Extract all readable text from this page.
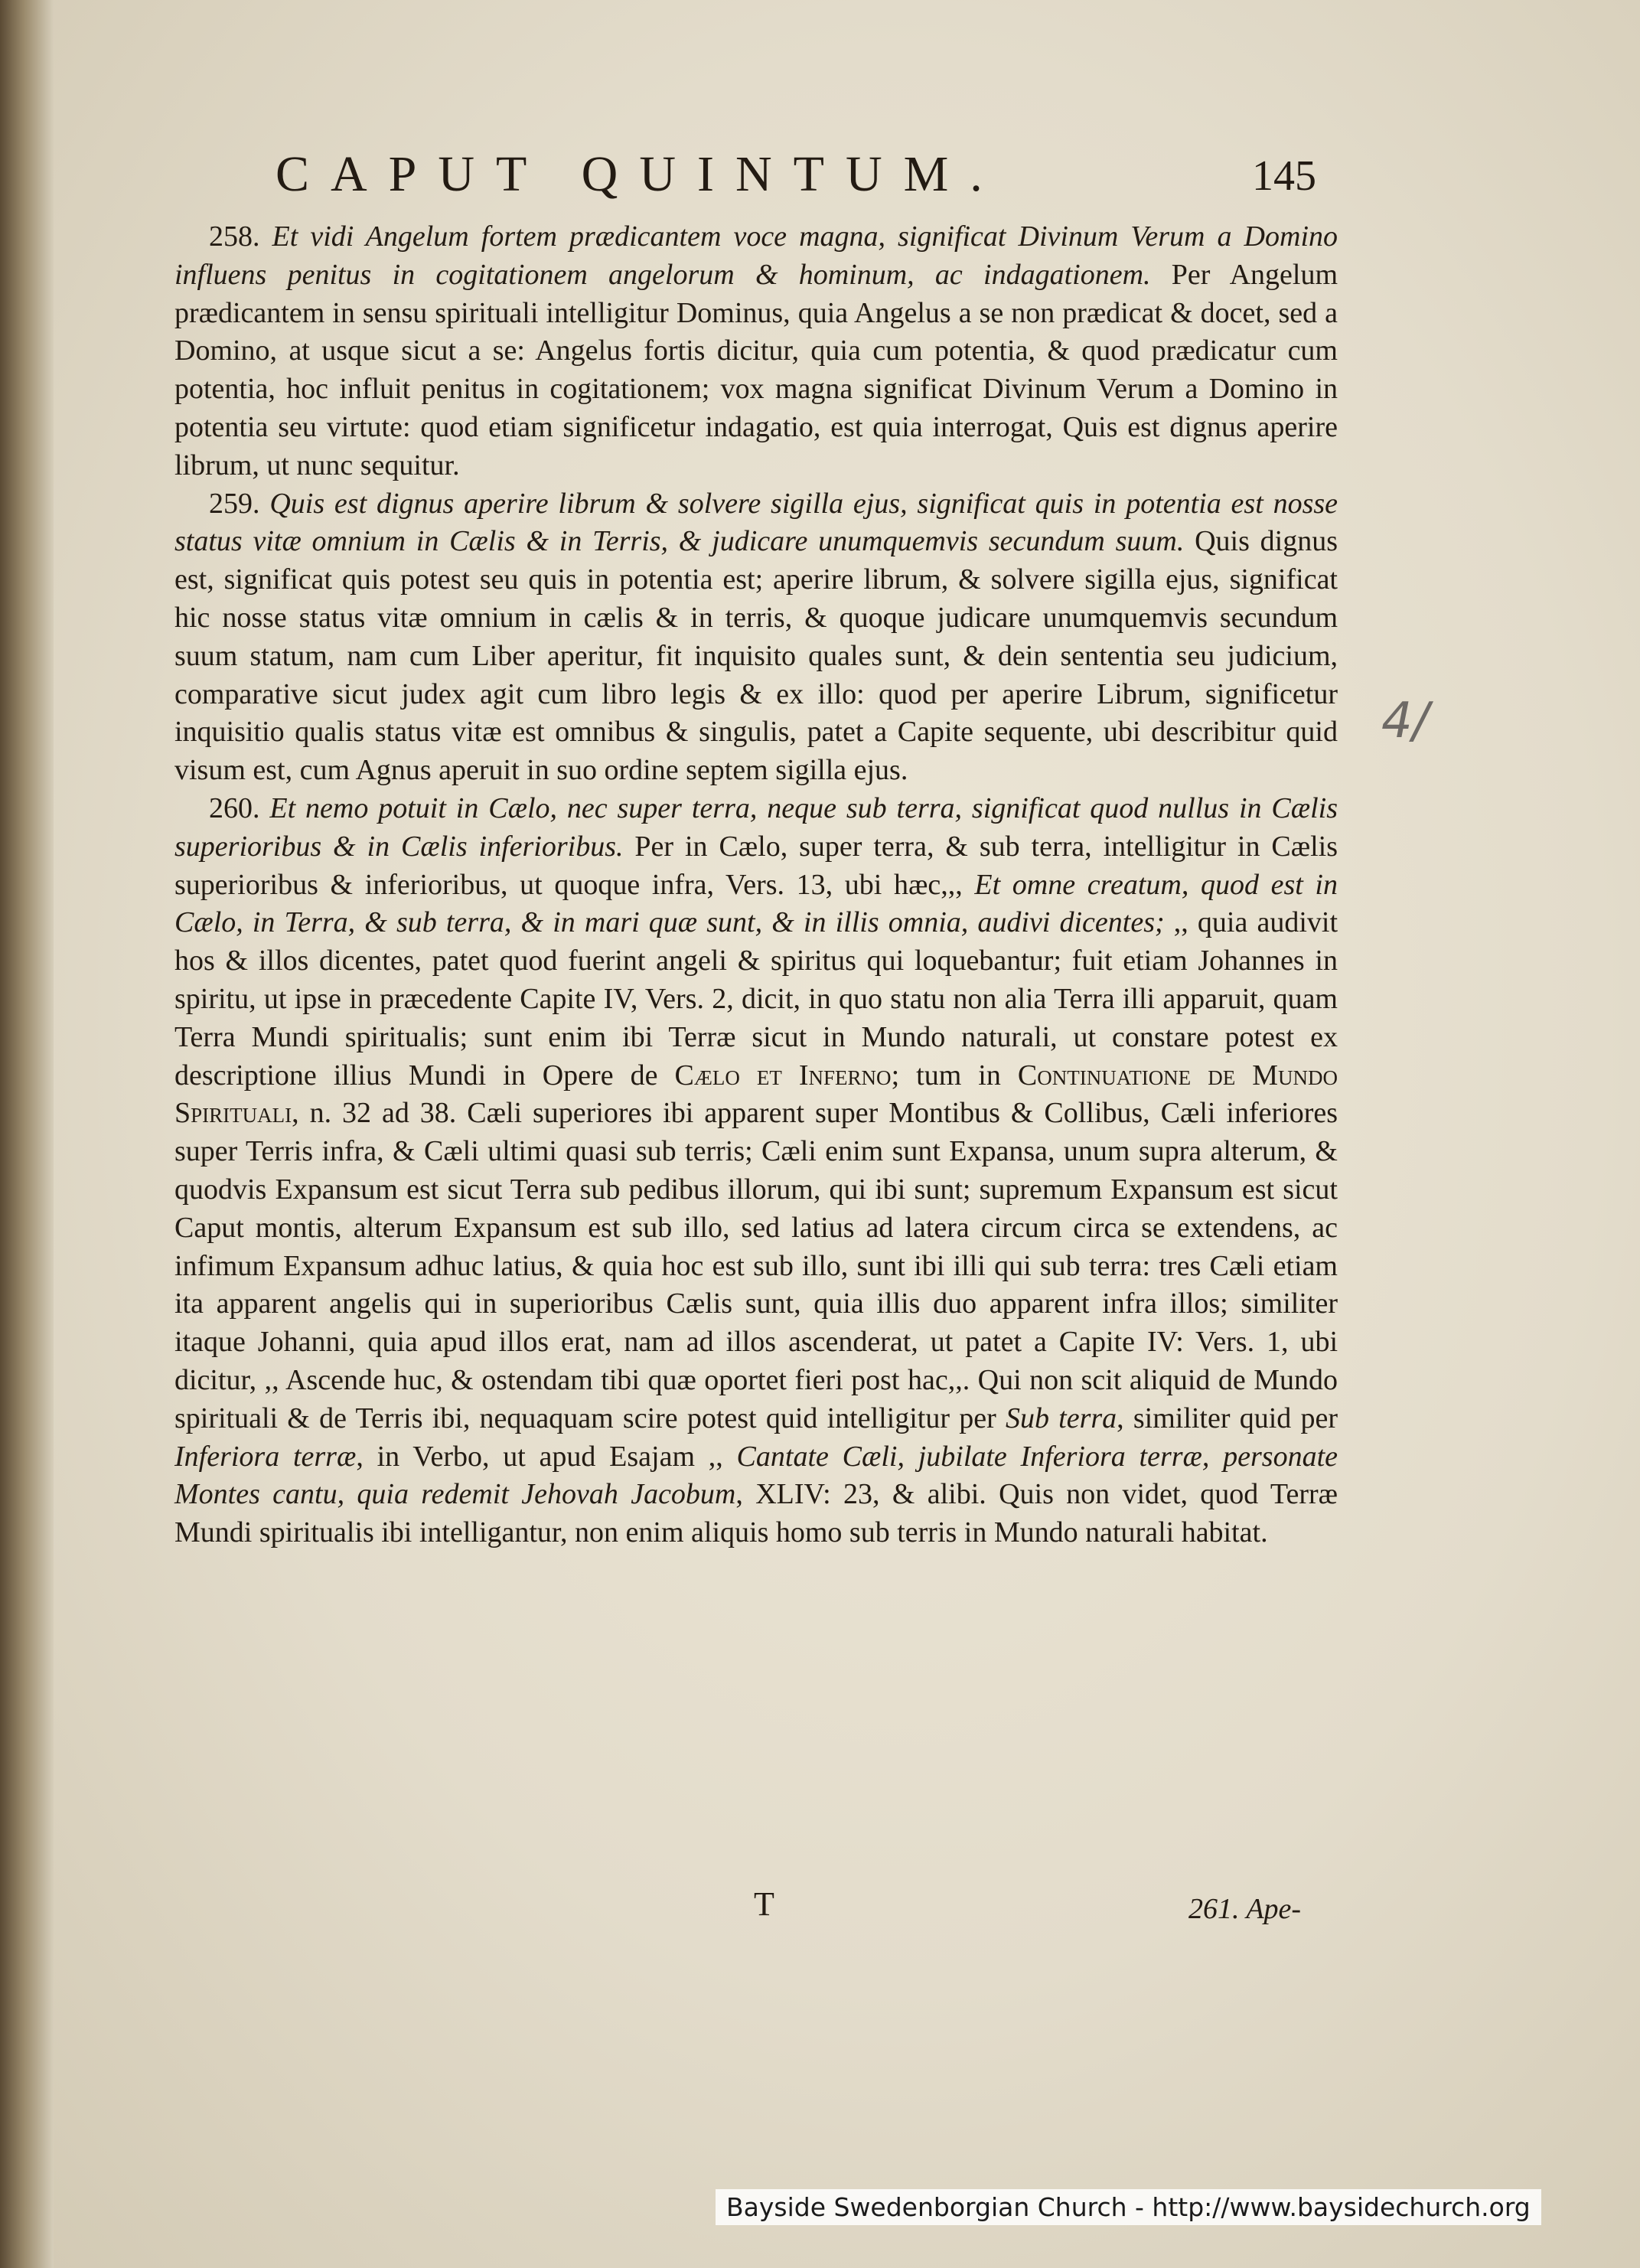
CAPUT QUINTUM.	145

258. Et vidi Angelum fortem prædicantem voce magna, significat Divinum Verum a Domino influens penitus in cogitationem angelorum & hominum, ac indagationem. Per Angelum prædicantem in sensu spirituali intelligitur Dominus, quia Angelus a se non prædicat & docet, sed a Domino, at usque sicut a se: Angelus fortis dicitur, quia cum potentia, & quod prædicatur cum potentia, hoc influit penitus in cogitationem; vox magna significat Divinum Verum a Domino in potentia seu virtute: quod etiam significetur indagatio, est quia interrogat, Quis est dignus aperire librum, ut nunc sequitur.

259. Quis est dignus aperire librum & solvere sigilla ejus, significat quis in potentia est nosse status vitæ omnium in Cælis & in Terris, & judicare unumquemvis secundum suum. Quis dignus est, significat quis potest seu quis in potentia est; aperire librum, & solvere sigilla ejus, significat hic nosse status vitæ omnium in cælis & in terris, & quoque judicare unumquemvis secundum suum statum, nam cum Liber aperitur, fit inquisito quales sunt, & dein sententia seu judicium, comparative sicut judex agit cum libro legis & ex illo: quod per aperire Librum, significetur inquisitio qualis status vitæ est omnibus & singulis, patet a Capite sequente, ubi describitur quid visum est, cum Agnus aperuit in suo ordine septem sigilla ejus.

260. Et nemo potuit in Cælo, nec super terra, neque sub terra, significat quod nullus in Cælis superioribus & in Cælis inferioribus. Per in Cælo, super terra, & sub terra, intelligitur in Cælis superioribus & inferioribus, ut quoque infra, Vers. 13, ubi hæc,,, Et omne creatum, quod est in Cælo, in Terra, & sub terra, & in mari quæ sunt, & in illis omnia, audivi dicentes; ,, quia audivit hos & illos dicentes, patet quod fuerint angeli & spiritus qui loquebantur; fuit etiam Johannes in spiritu, ut ipse in præcedente Capite IV, Vers. 2, dicit, in quo statu non alia Terra illi apparuit, quam Terra Mundi spiritualis; sunt enim ibi Terræ sicut in Mundo naturali, ut constare potest ex descriptione illius Mundi in Opere de Cælo et Inferno; tum in Continuatione de Mundo Spirituali, n. 32 ad 38. Cæli superiores ibi apparent super Montibus & Collibus, Cæli inferiores super Terris infra, & Cæli ultimi quasi sub terris; Cæli enim sunt Expansa, unum supra alterum, & quodvis Expansum est sicut Terra sub pedibus illorum, qui ibi sunt; supremum Expansum est sicut Caput montis, alterum Expansum est sub illo, sed latius ad latera circum circa se extendens, ac infimum Expansum adhuc latius, & quia hoc est sub illo, sunt ibi illi qui sub terra: tres Cæli etiam ita apparent angelis qui in superioribus Cælis sunt, quia illis duo apparent infra illos; similiter itaque Johanni, quia apud illos erat, nam ad illos ascenderat, ut patet a Capite IV: Vers. 1, ubi dicitur, ,, Ascende huc, & ostendam tibi quæ oportet fieri post hac,,. Qui non scit aliquid de Mundo spirituali & de Terris ibi, nequaquam scire potest quid intelligitur per Sub terra, similiter quid per Inferiora terræ, in Verbo, ut apud Esajam ,, Cantate Cæli, jubilate Inferiora terræ, personate Montes cantu, quia redemit Jehovah Jacobum, XLIV: 23, & alibi. Quis non videt, quod Terræ Mundi spiritualis ibi intelligantur, non enim aliquis homo sub terris in Mundo naturali habitat.

4/
T	261. Ape-
Bayside Swedenborgian Church - http://www.baysidechurch.org
